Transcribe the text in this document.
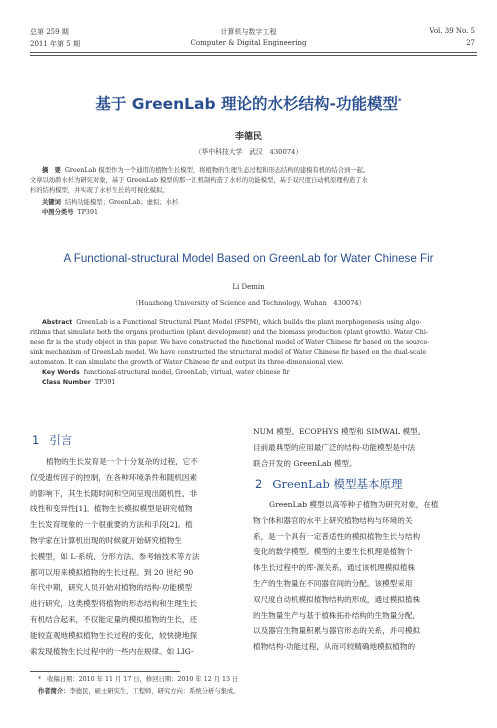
总第 259 期
2011 年第 5 期
计算机与数字工程
Computer & Digital Engineering
Vol. 39 No. 5
27
基于 GreenLab 理论的水杉结构-功能模型*
李德民
（华中科技大学　武汉　430074）
摘　要 GreenLab 模型作为一个通用的植物生长模型，将植物的生理生态过程和形态结构的建模有机的结合到一起。
文章以幼龄水杉为研究对象，基于 GreenLab 模型的那一汇机制构造了水杉的功能模型，基于双尺度自动机原理构造了水
杉的结构模型，并实现了水杉生长的可视化模拟。
关键词 结构功能模型；GreenLab；虚拟；水杉
中图分类号 TP391
A Functional-structural Model Based on GreenLab for Water Chinese Fir
Li Demin
（Huazhong University of Science and Technology, Wuhan　430074）
Abstract GreenLab is a Functional Structural Plant Model (FSPM), which builds the plant morphogenesis using algo-
rithms that simulate both the organs production (plant development) and the biomass production (plant growth). Water Chi-
nese fir is the study object in this paper. We have constructed the functional model of Water Chinese fir based on the source-
sink mechanism of GreenLab model. We have constructed the structural model of Water Chinese fir based on the dual-scale
automaton. It can simulate the growth of Water Chinese fir and output its three-dimensional view.
Key Words functional-structural model, GreenLab, virtual, water chinese fir
Class Number TP391
1 引言
植物的生长发育是一个十分复杂的过程，它不
仅受遗传因子的控制，在各种环境条件和随机因素
的影响下，其生长随时间和空间呈现出随机性、非
线性和变异性[1]。植物生长模拟模型是研究植物
生长发育现象的一个很重要的方法和手段[2]。植
物学家在计算机出现的时候就开始研究植物生
长模型，如 L-系统、分形方法、参考轴技术等方法
都可以用来模拟植物的生长过程。到 20 世纪 90
年代中期，研究人员开始对植物的结构-功能模型
进行研究，这类模型将植物的形态结构和生理生长
有机结合起来，不仅能定量的模拟植物的生长，还
能较直观地模拟植物生长过程的变化，较快捷地探
索发现植物生长过程中的一些内在规律。如 LIG-
NUM 模型、ECOPHYS 模型和 SIMWAL 模型。
目前最典型的应用最广泛的结构-功能模型是中法
联合开发的 GreenLab 模型。
2 GreenLab 模型基本原理
GreenLab 模型以高等种子植物为研究对象，在植
物个体和器官的水平上研究植物结构与环境的关
系，是一个具有一定普适性的模拟植物生长与结构
变化的数学模型。模型的主要生长机理是植物个
体生长过程中的库-源关系，通过该机理模拟植株
生产的生物量在不同器官间的分配。该模型采用
双尺度自动机模拟植物结构的形成，通过模拟植株
的生物量生产与基于植株拓扑结构的生物量分配，
以及器官生物量积累与器官形态的关系，并可模拟
植物结构-功能过程，从而可较精确地模拟植物的
* 收稿日期：2010 年 11 月 17 日，修回日期：2010 年 12 月 13 日
作者简介：李德民，硕士研究生，工程师，研究方向：系统分析与集成。
